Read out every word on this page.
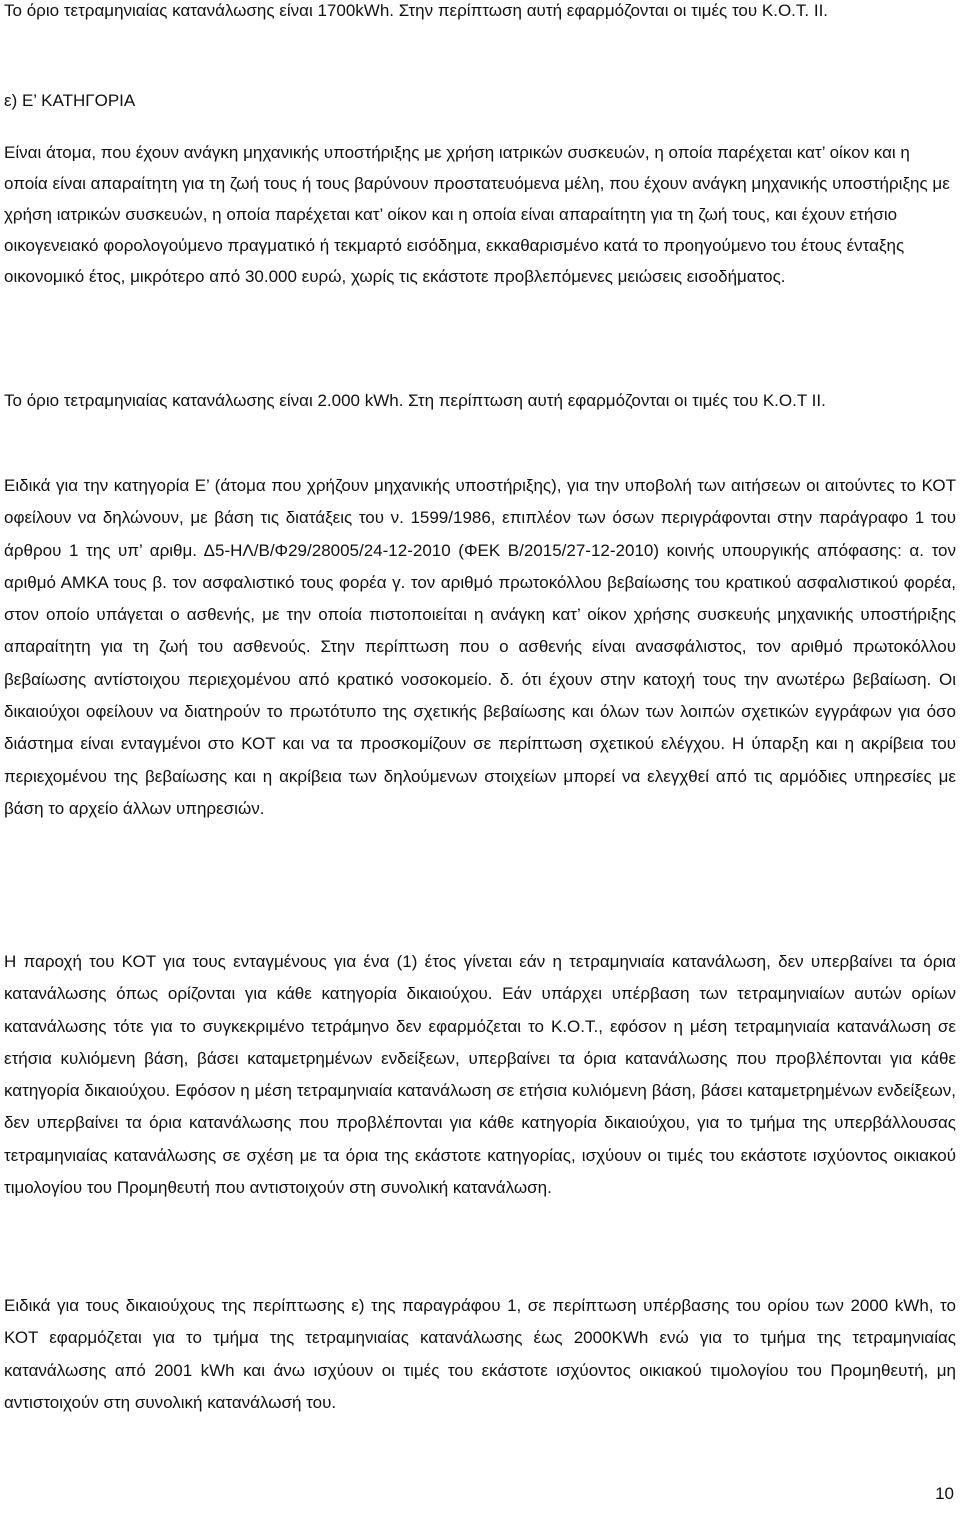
Το όριο τετραμηνιαίας κατανάλωσης είναι 1700kWh. Στην περίπτωση αυτή εφαρμόζονται οι τιμές του Κ.Ο.Τ. ΙΙ.

ε) Ε’ ΚΑΤΗΓΟΡΙΑ

Είναι άτομα, που έχουν ανάγκη μηχανικής υποστήριξης με χρήση ιατρικών συσκευών, η οποία παρέχεται κατ’ οίκον και η οποία είναι απαραίτητη για τη ζωή τους ή τους βαρύνουν προστατευόμενα μέλη, που έχουν ανάγκη μηχανικής υποστήριξης με χρήση ιατρικών συσκευών, η οποία παρέχεται κατ’ οίκον και η οποία είναι απαραίτητη για τη ζωή τους, και έχουν ετήσιο οικογενειακό φορολογούμενο πραγματικό ή τεκμαρτό εισόδημα, εκκαθαρισμένο κατά το προηγούμενο του έτους ένταξης οικονομικό έτος, μικρότερο από 30.000 ευρώ, χωρίς τις εκάστοτε προβλεπόμενες μειώσεις εισοδήματος.

Το όριο τετραμηνιαίας κατανάλωσης είναι 2.000 kWh. Στη περίπτωση αυτή εφαρμόζονται οι τιμές του Κ.Ο.Τ ΙΙ.

Ειδικά για την κατηγορία Ε’ (άτομα που χρήζουν μηχανικής υποστήριξης), για την υποβολή των αιτήσεων οι αιτούντες το ΚΟΤ οφείλουν να δηλώνουν, με βάση τις διατάξεις του ν. 1599/1986, επιπλέον των όσων περιγράφονται στην παράγραφο 1 του άρθρου 1 της υπ’ αριθμ. Δ5-ΗΛ/Β/Φ29/28005/24-12-2010 (ΦΕΚ Β/2015/27-12-2010) κοινής υπουργικής απόφασης: α. τον αριθμό ΑΜΚΑ τους β. τον ασφαλιστικό τους φορέα γ. τον αριθμό πρωτοκόλλου βεβαίωσης του κρατικού ασφαλιστικού φορέα, στον οποίο υπάγεται ο ασθενής, με την οποία πιστοποιείται η ανάγκη κατ’ οίκον χρήσης συσκευής μηχανικής υποστήριξης απαραίτητη για τη ζωή του ασθενούς. Στην περίπτωση που ο ασθενής είναι ανασφάλιστος, τον αριθμό πρωτοκόλλου βεβαίωσης αντίστοιχου περιεχομένου από κρατικό νοσοκομείο. δ. ότι έχουν στην κατοχή τους την ανωτέρω βεβαίωση. Οι δικαιούχοι οφείλουν να διατηρούν το πρωτότυπο της σχετικής βεβαίωσης και όλων των λοιπών σχετικών εγγράφων για όσο διάστημα είναι ενταγμένοι στο ΚΟΤ και να τα προσκομίζουν σε περίπτωση σχετικού ελέγχου. Η ύπαρξη και η ακρίβεια του περιεχομένου της βεβαίωσης και η ακρίβεια των δηλούμενων στοιχείων μπορεί να ελεγχθεί από τις αρμόδιες υπηρεσίες με βάση το αρχείο άλλων υπηρεσιών.

Η παροχή του ΚΟΤ για τους ενταγμένους για ένα (1) έτος γίνεται εάν η τετραμηνιαία κατανάλωση, δεν υπερβαίνει τα όρια κατανάλωσης όπως ορίζονται για κάθε κατηγορία δικαιούχου. Εάν υπάρχει υπέρβαση των τετραμηνιαίων αυτών ορίων κατανάλωσης τότε για το συγκεκριμένο τετράμηνο δεν εφαρμόζεται το Κ.Ο.Τ., εφόσον η μέση τετραμηνιαία κατανάλωση σε ετήσια κυλιόμενη βάση, βάσει καταμετρημένων ενδείξεων, υπερβαίνει τα όρια κατανάλωσης που προβλέπονται για κάθε κατηγορία δικαιούχου. Εφόσον η μέση τετραμηνιαία κατανάλωση σε ετήσια κυλιόμενη βάση, βάσει καταμετρημένων ενδείξεων, δεν υπερβαίνει τα όρια κατανάλωσης που προβλέπονται για κάθε κατηγορία δικαιούχου, για το τμήμα της υπερβάλλουσας τετραμηνιαίας κατανάλωσης σε σχέση με τα όρια της εκάστοτε κατηγορίας, ισχύουν οι τιμές του εκάστοτε ισχύοντος οικιακού τιμολογίου του Προμηθευτή που αντιστοιχούν στη συνολική κατανάλωση.

Ειδικά για τους δικαιούχους της περίπτωσης ε) της παραγράφου 1, σε περίπτωση υπέρβασης του ορίου των 2000 kWh, το ΚΟΤ εφαρμόζεται για το τμήμα της τετραμηνιαίας κατανάλωσης έως 2000KWh ενώ για το τμήμα της τετραμηνιαίας κατανάλωσης από 2001 kWh και άνω ισχύουν οι τιμές του εκάστοτε ισχύοντος οικιακού τιμολογίου του Προμηθευτή, μη αντιστοιχούν στη συνολική κατανάλωσή του.

10
